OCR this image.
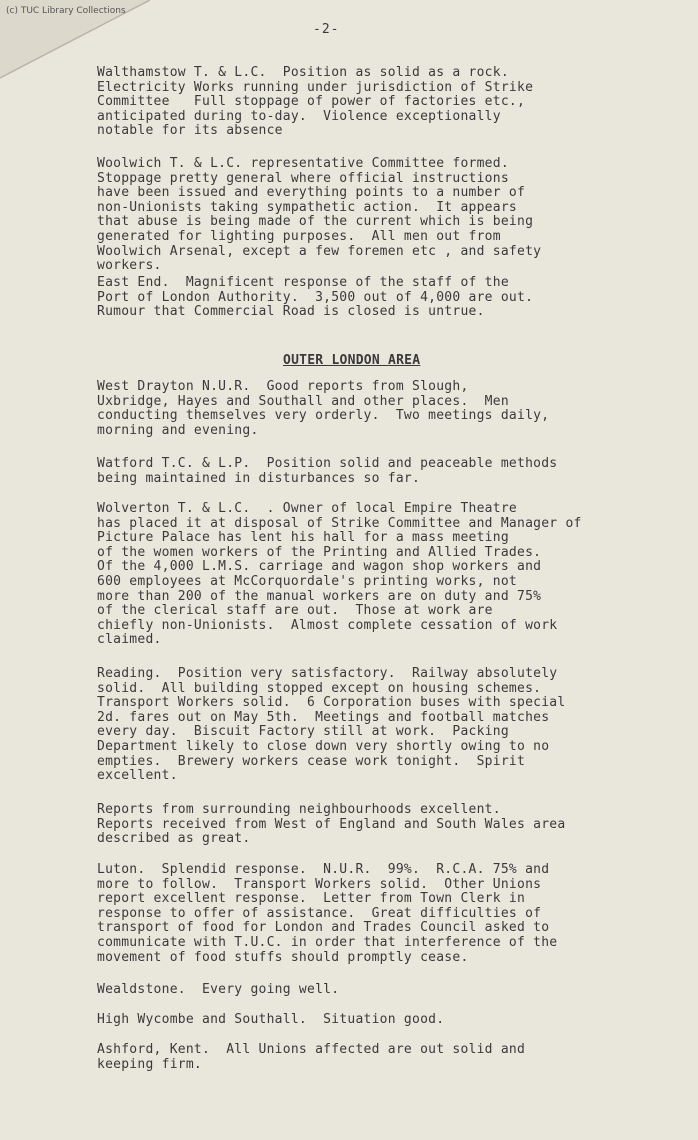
(c) TUC Library Collections
-2-

Walthamstow T. & L.C.  Position as solid as a rock.
Electricity Works running under jurisdiction of Strike
Committee   Full stoppage of power of factories etc.,
anticipated during to-day.  Violence exceptionally
notable for its absence

Woolwich T. & L.C. representative Committee formed.
Stoppage pretty general where official instructions
have been issued and everything points to a number of
non-Unionists taking sympathetic action.  It appears
that abuse is being made of the current which is being
generated for lighting purposes.  All men out from
Woolwich Arsenal, except a few foremen etc , and safety
workers.

East End.  Magnificent response of the staff of the
Port of London Authority.  3,500 out of 4,000 are out.
Rumour that Commercial Road is closed is untrue.

OUTER LONDON AREA

West Drayton N.U.R.  Good reports from Slough,
Uxbridge, Hayes and Southall and other places.  Men
conducting themselves very orderly.  Two meetings daily,
morning and evening.

Watford T.C. & L.P.  Position solid and peaceable methods
being maintained in disturbances so far.

Wolverton T. & L.C.  . Owner of local Empire Theatre
has placed it at disposal of Strike Committee and Manager of
Picture Palace has lent his hall for a mass meeting
of the women workers of the Printing and Allied Trades.
Of the 4,000 L.M.S. carriage and wagon shop workers and
600 employees at McCorquordale's printing works, not
more than 200 of the manual workers are on duty and 75%
of the clerical staff are out.  Those at work are
chiefly non-Unionists.  Almost complete cessation of work
claimed.

Reading.  Position very satisfactory.  Railway absolutely
solid.  All building stopped except on housing schemes.
Transport Workers solid.  6 Corporation buses with special
2d. fares out on May 5th.  Meetings and football matches
every day.  Biscuit Factory still at work.  Packing
Department likely to close down very shortly owing to no
empties.  Brewery workers cease work tonight.  Spirit
excellent.

Reports from surrounding neighbourhoods excellent.
Reports received from West of England and South Wales area
described as great.

Luton.  Splendid response.  N.U.R.  99%.  R.C.A. 75% and
more to follow.  Transport Workers solid.  Other Unions
report excellent response.  Letter from Town Clerk in
response to offer of assistance.  Great difficulties of
transport of food for London and Trades Council asked to
communicate with T.U.C. in order that interference of the
movement of food stuffs should promptly cease.

Wealdstone.  Every going well.

High Wycombe and Southall.  Situation good.

Ashford, Kent.  All Unions affected are out solid and
keeping firm.
